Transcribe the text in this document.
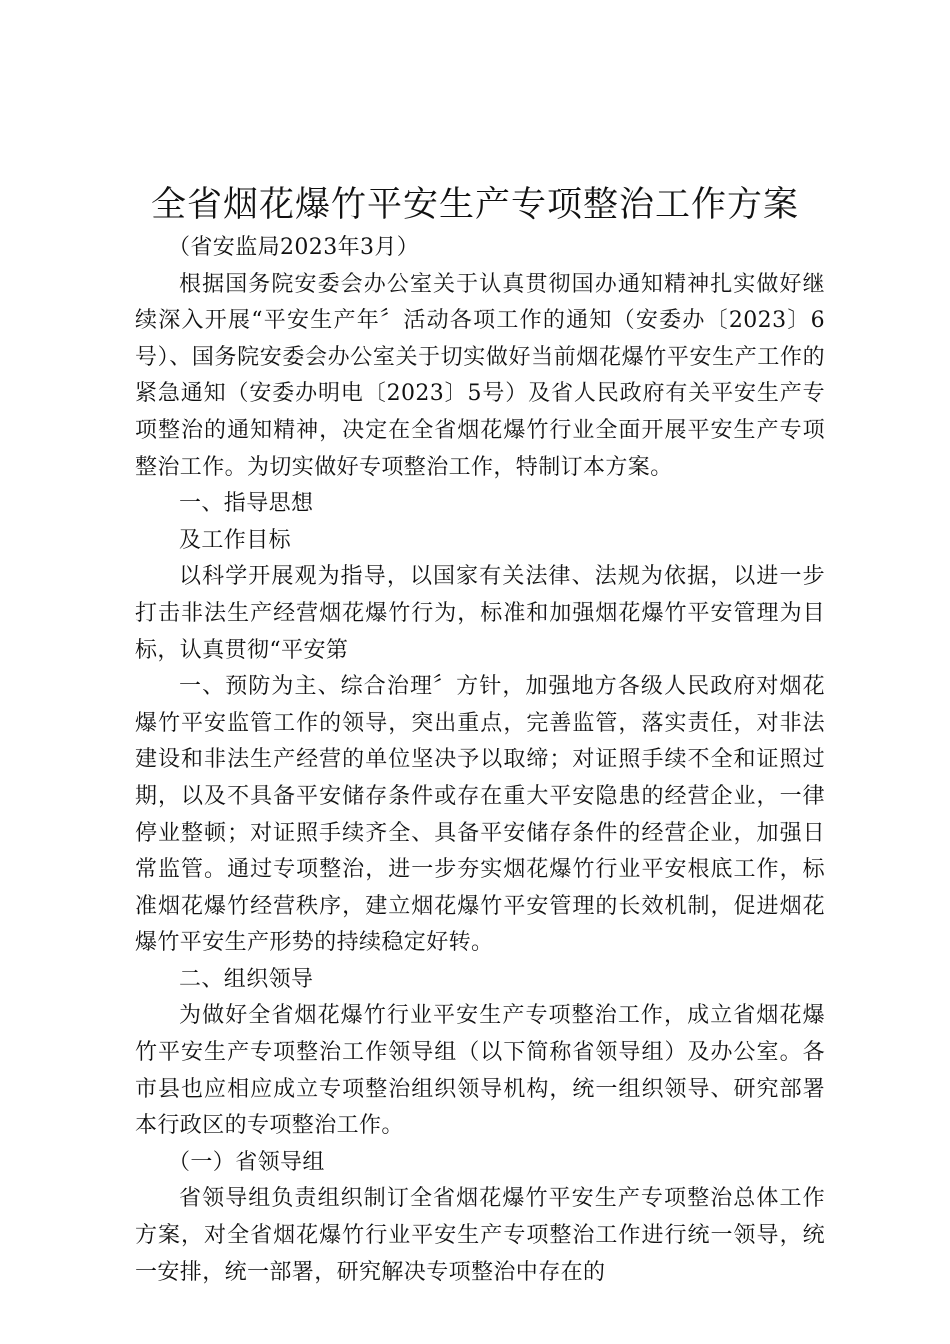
全省烟花爆竹平安生产专项整治工作方案

（省安监局2023年3月）

根据国务院安委会办公室关于认真贯彻国办通知精神扎实做好继续深入开展“平安生产年〞活动各项工作的通知（安委办〔2023〕6号）、国务院安委会办公室关于切实做好当前烟花爆竹平安生产工作的紧急通知（安委办明电〔2023〕5号）及省人民政府有关平安生产专项整治的通知精神，决定在全省烟花爆竹行业全面开展平安生产专项整治工作。为切实做好专项整治工作，特制订本方案。

一、指导思想

及工作目标

以科学开展观为指导，以国家有关法律、法规为依据，以进一步打击非法生产经营烟花爆竹行为，标准和加强烟花爆竹平安管理为目标，认真贯彻“平安第

一、预防为主、综合治理〞方针，加强地方各级人民政府对烟花爆竹平安监管工作的领导，突出重点，完善监管，落实责任，对非法建设和非法生产经营的单位坚决予以取缔；对证照手续不全和证照过期，以及不具备平安储存条件或存在重大平安隐患的经营企业，一律停业整顿；对证照手续齐全、具备平安储存条件的经营企业，加强日常监管。通过专项整治，进一步夯实烟花爆竹行业平安根底工作，标准烟花爆竹经营秩序，建立烟花爆竹平安管理的长效机制，促进烟花爆竹平安生产形势的持续稳定好转。

二、组织领导

为做好全省烟花爆竹行业平安生产专项整治工作，成立省烟花爆竹平安生产专项整治工作领导组（以下简称省领导组）及办公室。各市县也应相应成立专项整治组织领导机构，统一组织领导、研究部署本行政区的专项整治工作。

（一）省领导组

省领导组负责组织制订全省烟花爆竹平安生产专项整治总体工作方案，对全省烟花爆竹行业平安生产专项整治工作进行统一领导，统一安排，统一部署，研究解决专项整治中存在的
